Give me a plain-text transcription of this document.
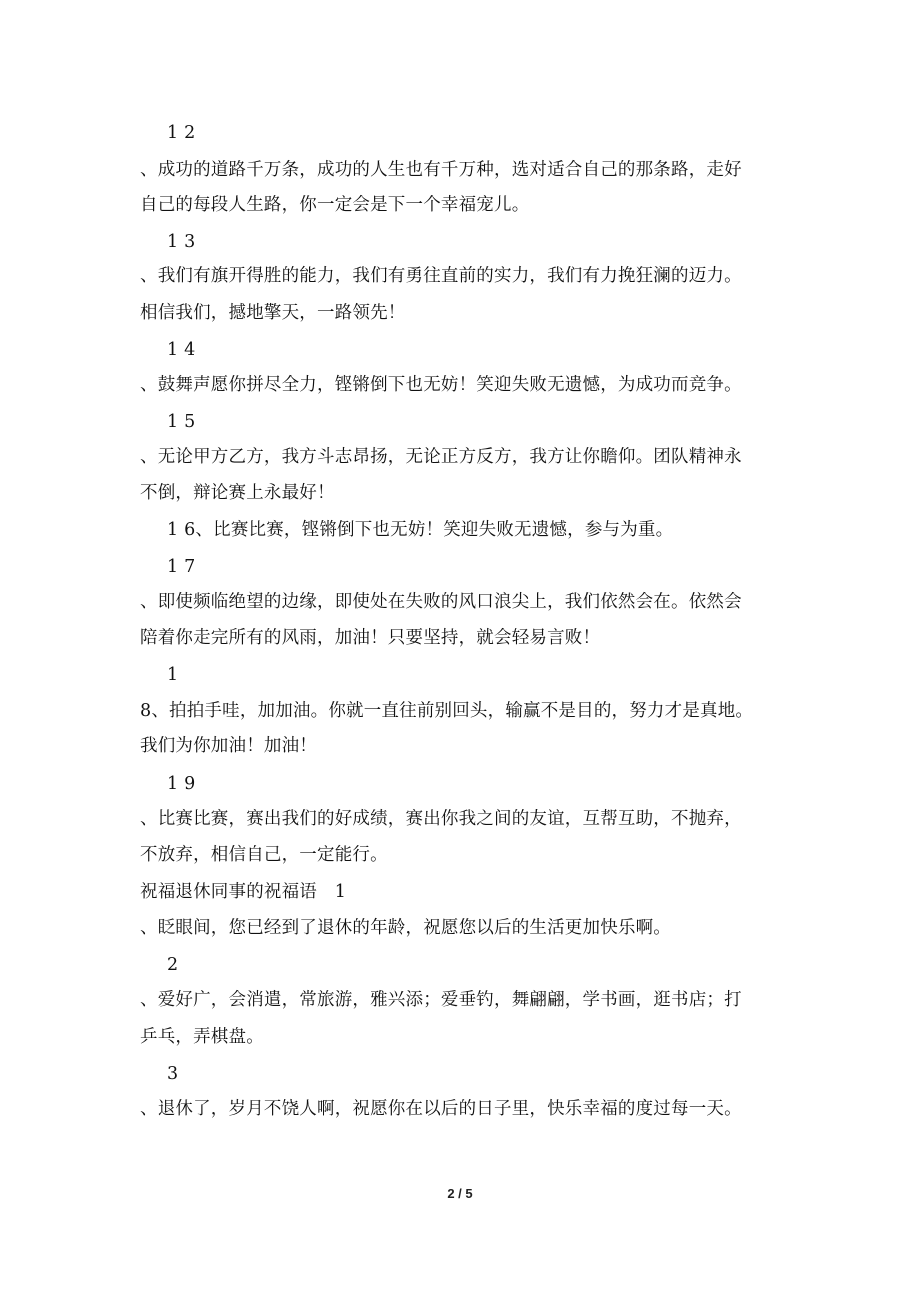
1 2
、成功的道路千万条，成功的人生也有千万种，选对适合自己的那条路，走好
自己的每段人生路，你一定会是下一个幸福宠儿。
1 3
、我们有旗开得胜的能力，我们有勇往直前的实力，我们有力挽狂澜的迈力。
相信我们，撼地擎天，一路领先！
1 4
、鼓舞声愿你拼尽全力，铿锵倒下也无妨！笑迎失败无遗憾，为成功而竞争。
1 5
、无论甲方乙方，我方斗志昂扬，无论正方反方，我方让你瞻仰。团队精神永
不倒，辩论赛上永最好！
1 6、比赛比赛，铿锵倒下也无妨！笑迎失败无遗憾，参与为重。
1 7
、即使频临绝望的边缘，即使处在失败的风口浪尖上，我们依然会在。依然会
陪着你走完所有的风雨，加油！只要坚持，就会轻易言败！
1
8、拍拍手哇，加加油。你就一直往前别回头，输赢不是目的，努力才是真地。
我们为你加油！加油！
1 9
、比赛比赛，赛出我们的好成绩，赛出你我之间的友谊，互帮互助，不抛弃，
不放弃，相信自己，一定能行。
祝福退休同事的祝福语　1
、眨眼间，您已经到了退休的年龄，祝愿您以后的生活更加快乐啊。
2
、爱好广，会消遣，常旅游，雅兴添；爱垂钓，舞翩翩，学书画，逛书店；打
乒乓，弄棋盘。
3
、退休了，岁月不饶人啊，祝愿你在以后的日子里，快乐幸福的度过每一天。
2 / 5
